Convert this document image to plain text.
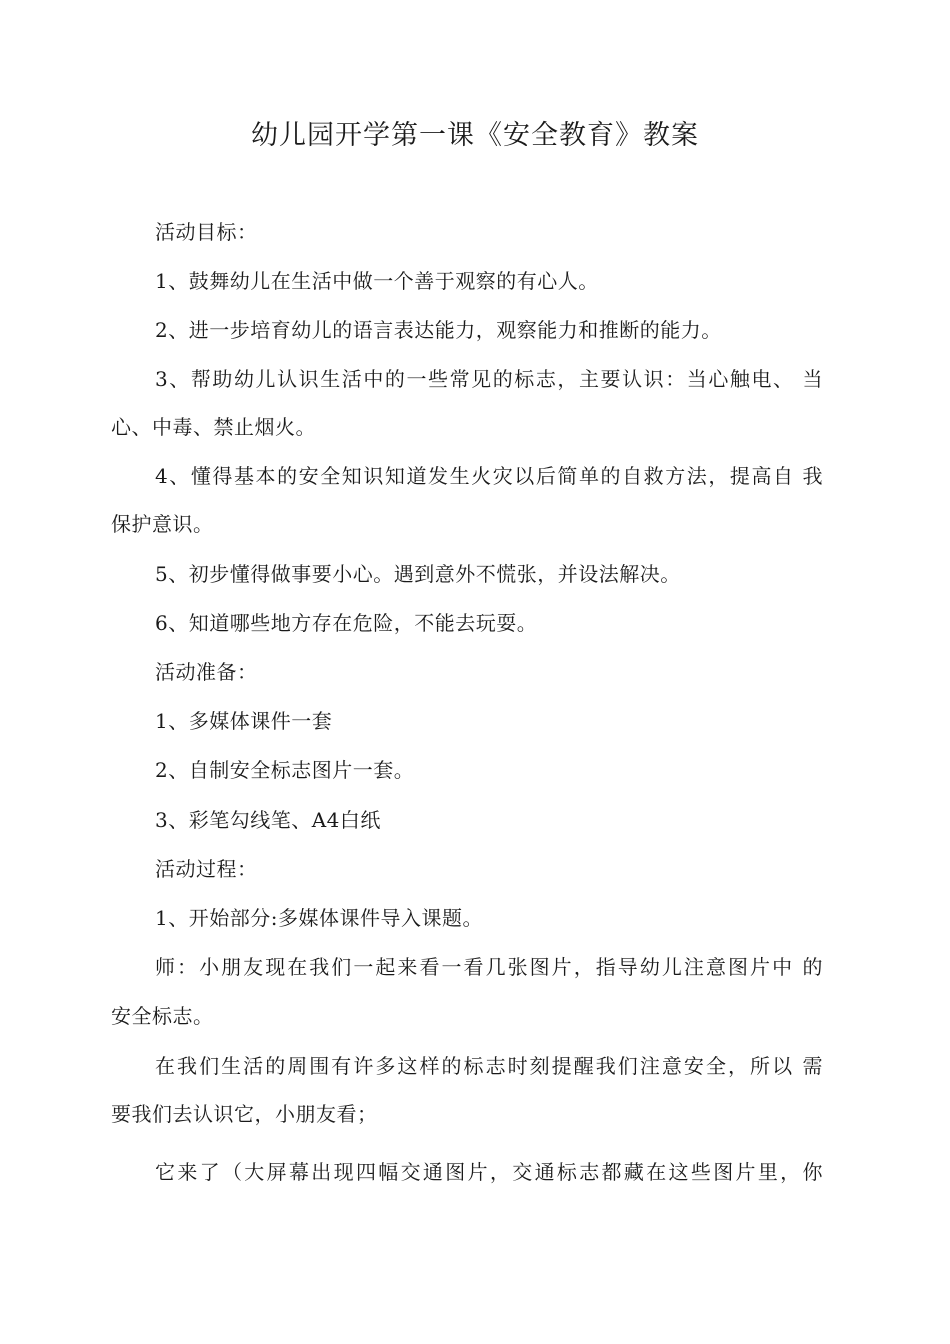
幼儿园开学第一课《安全教育》教案
活动目标：
1、鼓舞幼儿在生活中做一个善于观察的有心人。
2、进一步培育幼儿的语言表达能力，观察能力和推断的能力。
3、帮助幼儿认识生活中的一些常见的标志，主要认识：当心触电、 当
心、中毒、禁止烟火。
4、懂得基本的安全知识知道发生火灾以后简单的自救方法，提高自 我
保护意识。
5、初步懂得做事要小心。遇到意外不慌张，并设法解决。
6、知道哪些地方存在危险，不能去玩耍。
活动准备：
1、多媒体课件一套
2、自制安全标志图片一套。
3、彩笔勾线笔、A4白纸
活动过程：
1、开始部分:多媒体课件导入课题。
师：小朋友现在我们一起来看一看几张图片，指导幼儿注意图片中 的
安全标志。
在我们生活的周围有许多这样的标志时刻提醒我们注意安全，所以 需
要我们去认识它，小朋友看；
它来了（大屏幕出现四幅交通图片，交通标志都藏在这些图片里，你
